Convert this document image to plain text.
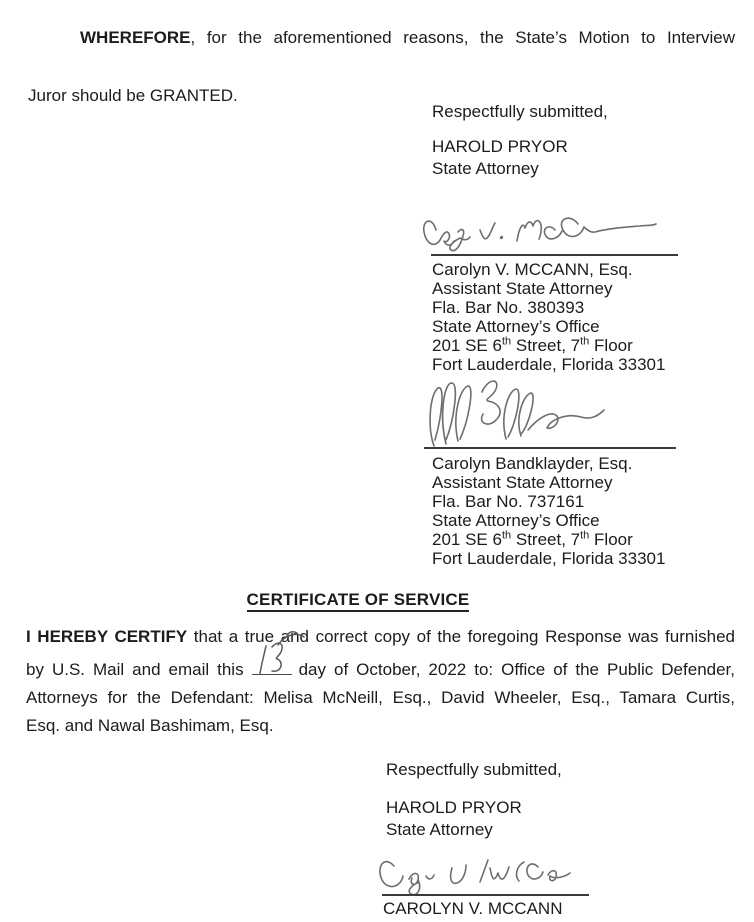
WHEREFORE, for the aforementioned reasons, the State’s Motion to Interview
Juror should be GRANTED.
Respectfully submitted,
HAROLD PRYOR
State Attorney
Carolyn V. MCCANN, Esq.
Assistant State Attorney
Fla. Bar No. 380393
State Attorney’s Office
201 SE 6th Street, 7th Floor
Fort Lauderdale, Florida 33301
Carolyn Bandklayder, Esq.
Assistant State Attorney
Fla. Bar No. 737161
State Attorney’s Office
201 SE 6th Street, 7th Floor
Fort Lauderdale, Florida 33301
CERTIFICATE OF SERVICE
I HEREBY CERTIFY that a true and correct copy of the foregoing Response was furnished
by U.S. Mail and email this	day of October, 2022 to: Office of the Public Defender,
Attorneys for the Defendant: Melisa McNeill, Esq., David Wheeler, Esq., Tamara Curtis,
Esq. and Nawal Bashimam, Esq.
Respectfully submitted,
HAROLD PRYOR
State Attorney
CAROLYN V. MCCANN
